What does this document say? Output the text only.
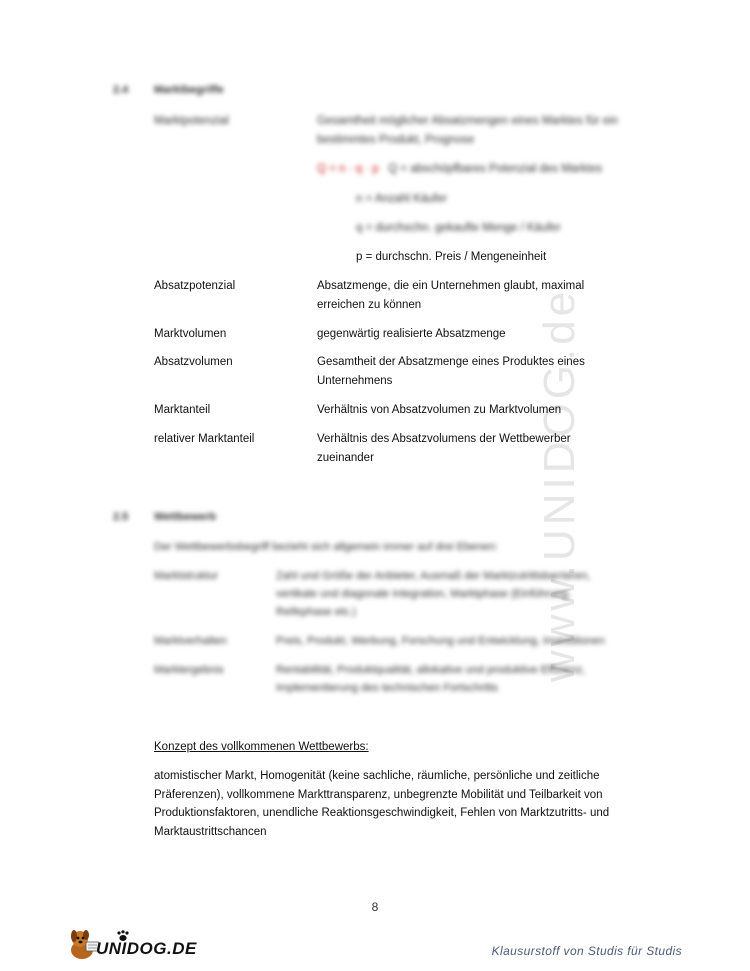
www.UNIDOG.de
2.4 Marktbegriffe
Marktpotenzial	Gesamtheit möglicher Absatzmengen eines Marktes für ein bestimmtes Produkt, Prognose
Q = n · q · p Q = abschöpfbares Potenzial des Marktes
n = Anzahl Käufer
q = durchschn. gekaufte Menge / Käufer
p = durchschn. Preis / Mengeneinheit
Absatzpotenzial	Absatzmenge, die ein Unternehmen glaubt, maximal erreichen zu können
Marktvolumen	gegenwärtig realisierte Absatzmenge
Absatzvolumen	Gesamtheit der Absatzmenge eines Produktes eines Unternehmens
Marktanteil	Verhältnis von Absatzvolumen zu Marktvolumen
relativer Marktanteil	Verhältnis des Absatzvolumens der Wettbewerber zueinander
2.5 Wettbewerb
Der Wettbewerbsbegriff bezieht sich allgemein immer auf drei Ebenen:
Marktstruktur	Zahl und Größe der Anbieter, Ausmaß der Marktzutrittsbarrieren, vertikale und diagonale Integration, Marktphase (Einführung, Reifephase etc.)
Marktverhalten	Preis, Produkt, Werbung, Forschung und Entwicklung, Investitionen
Marktergebnis	Rentabilität, Produktqualität, allokative und produktive Effizienz, Implementierung des technischen Fortschritts
Konzept des vollkommenen Wettbewerbs:
atomistischer Markt, Homogenität (keine sachliche, räumliche, persönliche und zeitliche Präferenzen), vollkommene Markttransparenz, unbegrenzte Mobilität und Teilbarkeit von Produktionsfaktoren, unendliche Reaktionsgeschwindigkeit, Fehlen von Marktzutritts- und Marktaustrittschancen
8
UNIDOG.DE	Klausurstoff von Studis für Studis
